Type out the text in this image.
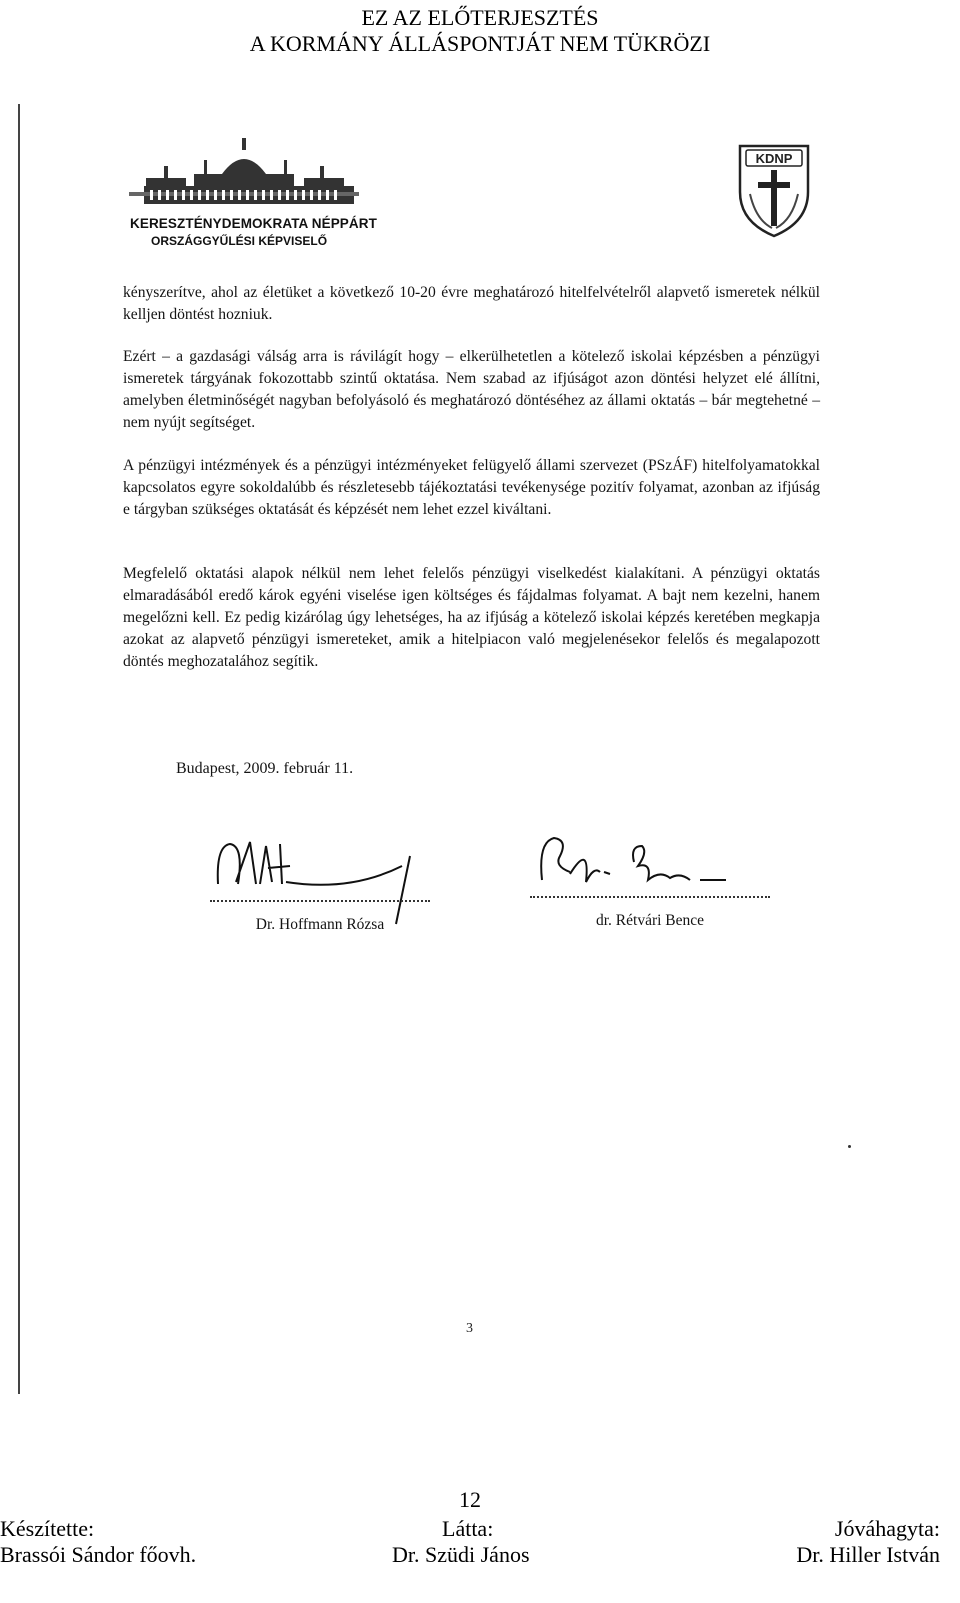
EZ AZ ELŐTERJESZTÉS
A KORMÁNY ÁLLÁSPONTJÁT NEM TÜKRÖZI
KERESZTÉNYDEMOKRATA NÉPPÁRT
ORSZÁGGYŰLÉSI KÉPVISELŐ
KDNP
kényszerítve, ahol az életüket a következő 10-20 évre meghatározó hitelfelvételről alapvető ismeretek nélkül kelljen döntést hozniuk.
Ezért – a gazdasági válság arra is rávilágít hogy – elkerülhetetlen a kötelező iskolai képzésben a pénzügyi ismeretek tárgyának fokozottabb szintű oktatása. Nem szabad az ifjúságot azon döntési helyzet elé állítni, amelyben életminőségét nagyban befolyásoló és meghatározó döntéséhez az állami oktatás – bár megtehetné – nem nyújt segítséget.
A pénzügyi intézmények és a pénzügyi intézményeket felügyelő állami szervezet (PSzÁF) hitelfolyamatokkal kapcsolatos egyre sokoldalúbb és részletesebb tájékoztatási tevékenysége pozitív folyamat, azonban az ifjúság e tárgyban szükséges oktatását és képzését nem lehet ezzel kiváltani.
Megfelelő oktatási alapok nélkül nem lehet felelős pénzügyi viselkedést kialakítani. A pénzügyi oktatás elmaradásából eredő károk egyéni viselése igen költséges és fájdalmas folyamat. A bajt nem kezelni, hanem megelőzni kell. Ez pedig kizárólag úgy lehetséges, ha az ifjúság a kötelező iskolai képzés keretében megkapja azokat az alapvető pénzügyi ismereteket, amik a hitelpiacon való megjelenésekor felelős és megalapozott döntés meghozatalához segítik.
Budapest, 2009. február 11.
Dr. Hoffmann Rózsa	dr. Rétvári Bence
3
12
Készítette:
Brassói Sándor főovh.
Látta:
Dr. Szüdi János
Jóváhagyta:
Dr. Hiller István
